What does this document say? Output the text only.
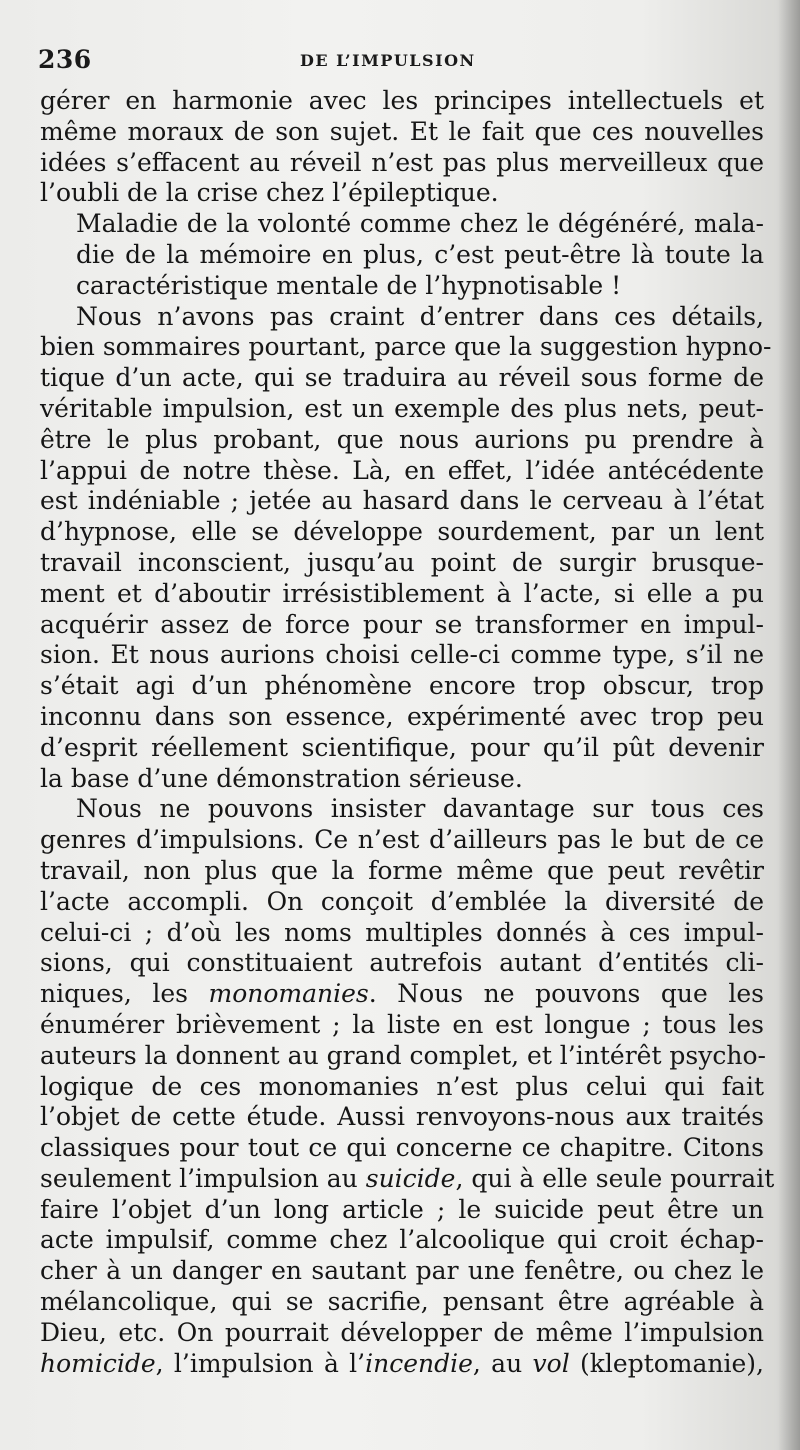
236	DE L’IMPULSION

gérer en harmonie avec les principes intellectuels et
même moraux de son sujet. Et le fait que ces nouvelles
idées s’effacent au réveil n’est pas plus merveilleux que
l’oubli de la crise chez l’épileptique.

Maladie de la volonté comme chez le dégénéré, mala-
die de la mémoire en plus, c’est peut-être là toute la
caractéristique mentale de l’hypnotisable !

Nous n’avons pas craint d’entrer dans ces détails,
bien sommaires pourtant, parce que la suggestion hypno-
tique d’un acte, qui se traduira au réveil sous forme de
véritable impulsion, est un exemple des plus nets, peut-
être le plus probant, que nous aurions pu prendre à
l’appui de notre thèse. Là, en effet, l’idée antécédente
est indéniable ; jetée au hasard dans le cerveau à l’état
d’hypnose, elle se développe sourdement, par un lent
travail inconscient, jusqu’au point de surgir brusque-
ment et d’aboutir irrésistiblement à l’acte, si elle a pu
acquérir assez de force pour se transformer en impul-
sion. Et nous aurions choisi celle-ci comme type, s’il ne
s’était agi d’un phénomène encore trop obscur, trop
inconnu dans son essence, expérimenté avec trop peu
d’esprit réellement scientifique, pour qu’il pût devenir
la base d’une démonstration sérieuse.

Nous ne pouvons insister davantage sur tous ces
genres d’impulsions. Ce n’est d’ailleurs pas le but de ce
travail, non plus que la forme même que peut revêtir
l’acte accompli. On conçoit d’emblée la diversité de
celui-ci ; d’où les noms multiples donnés à ces impul-
sions, qui constituaient autrefois autant d’entités cli-
niques, les monomanies. Nous ne pouvons que les
énumérer brièvement ; la liste en est longue ; tous les
auteurs la donnent au grand complet, et l’intérêt psycho-
logique de ces monomanies n’est plus celui qui fait
l’objet de cette étude. Aussi renvoyons-nous aux traités
classiques pour tout ce qui concerne ce chapitre. Citons
seulement l’impulsion au suicide, qui à elle seule pourrait
faire l’objet d’un long article ; le suicide peut être un
acte impulsif, comme chez l’alcoolique qui croit échap-
cher à un danger en sautant par une fenêtre, ou chez le
mélancolique, qui se sacrifie, pensant être agréable à
Dieu, etc. On pourrait développer de même l’impulsion
homicide, l’impulsion à l’incendie, au vol (kleptomanie),
